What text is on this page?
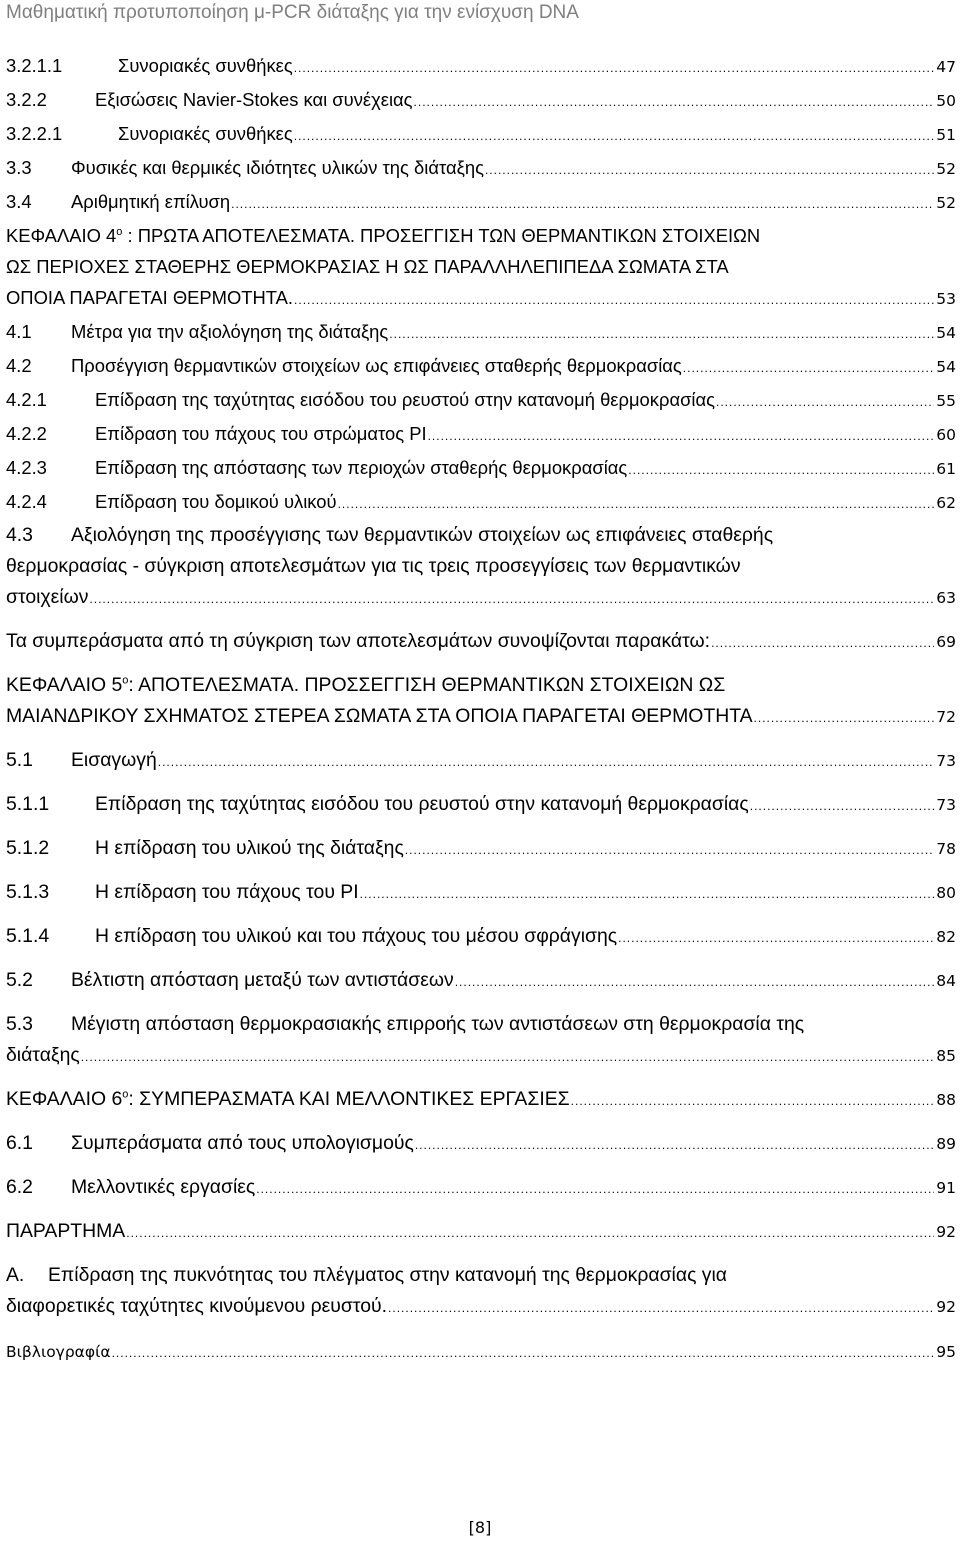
Μαθηματική προτυποποίηση μ-PCR διάταξης για την ενίσχυση DNA
3.2.1.1	Συνοριακές συνθήκες .....	47
3.2.2	Εξισώσεις Navier-Stokes και συνέχειας .....	50
3.2.2.1	Συνοριακές συνθήκες .....	51
3.3	Φυσικές και θερμικές ιδιότητες υλικών της διάταξης .....	52
3.4	Αριθμητική επίλυση .....	52
ΚΕΦΑΛΑΙΟ $4^o$ : ΠΡΩΤΑ ΑΠΟΤΕΛΕΣΜΑΤΑ. ΠΡΟΣΕΓΓΙΣΗ ΤΩΝ ΘΕΡΜΑΝΤΙΚΩΝ ΣΤΟΙΧΕΙΩΝ
ΩΣ ΠΕΡΙΟΧΕΣ ΣΤΑΘΕΡΗΣ ΘΕΡΜΟΚΡΑΣΙΑΣ Η ΩΣ ΠΑΡΑΛΛΗΛΕΠΙΠΕΔΑ ΣΩΜΑΤΑ ΣΤΑ
ΟΠΟΙΑ ΠΑΡΑΓΕΤΑΙ ΘΕΡΜΟΤΗΤΑ. .....	53
4.1	Μέτρα για την αξιολόγηση της διάταξης .....	54
4.2	Προσέγγιση θερμαντικών στοιχείων ως επιφάνειες σταθερής θερμοκρασίας .....	54
4.2.1	Επίδραση της ταχύτητας εισόδου του ρευστού στην κατανομή θερμοκρασίας .....	55
4.2.2	Επίδραση του πάχους του στρώματος PI .....	60
4.2.3	Επίδραση της απόστασης των περιοχών σταθερής θερμοκρασίας .....	61
4.2.4	Επίδραση του δομικού υλικού .....	62
4.3	Αξιολόγηση της προσέγγισης των θερμαντικών στοιχείων ως επιφάνειες σταθερής
θερμοκρασίας - σύγκριση αποτελεσμάτων για τις τρεις προσεγγίσεις των θερμαντικών
στοιχείων .....	63
Τα συμπεράσματα από τη σύγκριση των αποτελεσμάτων συνοψίζονται παρακάτω: .....	69
ΚΕΦΑΛΑΙΟ $5^o$: ΑΠΟΤΕΛΕΣΜΑΤΑ. ΠΡΟΣΣΕΓΓΙΣΗ ΘΕΡΜΑΝΤΙΚΩΝ ΣΤΟΙΧΕΙΩΝ ΩΣ
ΜΑΙΑΝΔΡΙΚΟΥ ΣΧΗΜΑΤΟΣ ΣΤΕΡΕΑ ΣΩΜΑΤΑ ΣΤΑ ΟΠΟΙΑ ΠΑΡΑΓΕΤΑΙ ΘΕΡΜΟΤΗΤΑ .....	72
5.1	Εισαγωγή .....	73
5.1.1	Επίδραση της ταχύτητας εισόδου του ρευστού στην κατανομή θερμοκρασίας .....	73
5.1.2	Η επίδραση του υλικού της διάταξης .....	78
5.1.3	Η επίδραση του πάχους του PI .....	80
5.1.4	Η επίδραση του υλικού και του πάχους του μέσου σφράγισης .....	82
5.2	Βέλτιστη απόσταση μεταξύ των αντιστάσεων .....	84
5.3	Μέγιστη απόσταση θερμοκρασιακής επιρροής των αντιστάσεων στη θερμοκρασία της
διάταξης .....	85
ΚΕΦΑΛΑΙΟ $6^o$: ΣΥΜΠΕΡΑΣΜΑΤΑ ΚΑΙ ΜΕΛΛΟΝΤΙΚΕΣ ΕΡΓΑΣΙΕΣ .....	88
6.1	Συμπεράσματα από τους υπολογισμούς .....	89
6.2	Μελλοντικές εργασίες .....	91
ΠΑΡΑΡΤΗΜΑ .....	92
Α.	Επίδραση της πυκνότητας του πλέγματος στην κατανομή της θερμοκρασίας για
διαφορετικές ταχύτητες κινούμενου ρευστού. .....	92
Βιβλιογραφία .....	95
[8]
